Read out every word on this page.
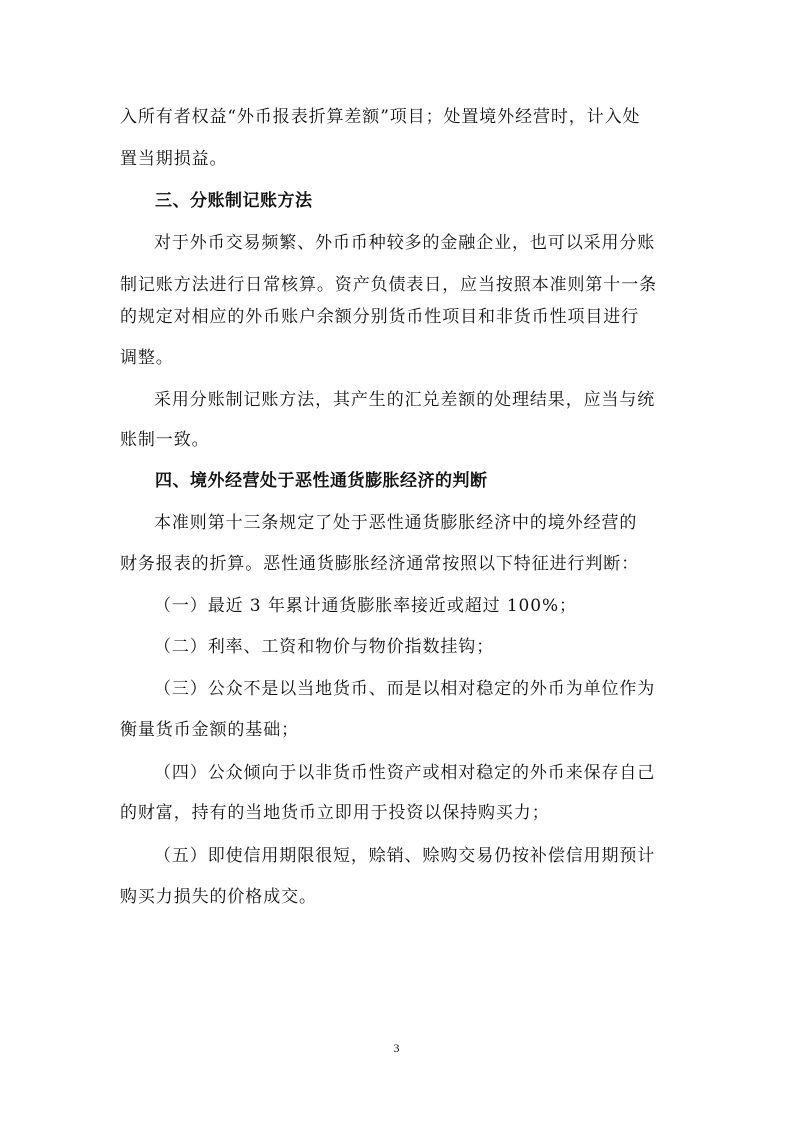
入所有者权益“外币报表折算差额”项目；处置境外经营时，计入处
置当期损益。
三、分账制记账方法
对于外币交易频繁、外币币种较多的金融企业，也可以采用分账
制记账方法进行日常核算。资产负债表日，应当按照本准则第十一条
的规定对相应的外币账户余额分别货币性项目和非货币性项目进行
调整。
采用分账制记账方法，其产生的汇兑差额的处理结果，应当与统
账制一致。
四、境外经营处于恶性通货膨胀经济的判断
本准则第十三条规定了处于恶性通货膨胀经济中的境外经营的
财务报表的折算。恶性通货膨胀经济通常按照以下特征进行判断：
（一）最近 3 年累计通货膨胀率接近或超过 100%；
（二）利率、工资和物价与物价指数挂钩；
（三）公众不是以当地货币、而是以相对稳定的外币为单位作为
衡量货币金额的基础；
（四）公众倾向于以非货币性资产或相对稳定的外币来保存自己
的财富，持有的当地货币立即用于投资以保持购买力；
（五）即使信用期限很短，赊销、赊购交易仍按补偿信用期预计
购买力损失的价格成交。
3
